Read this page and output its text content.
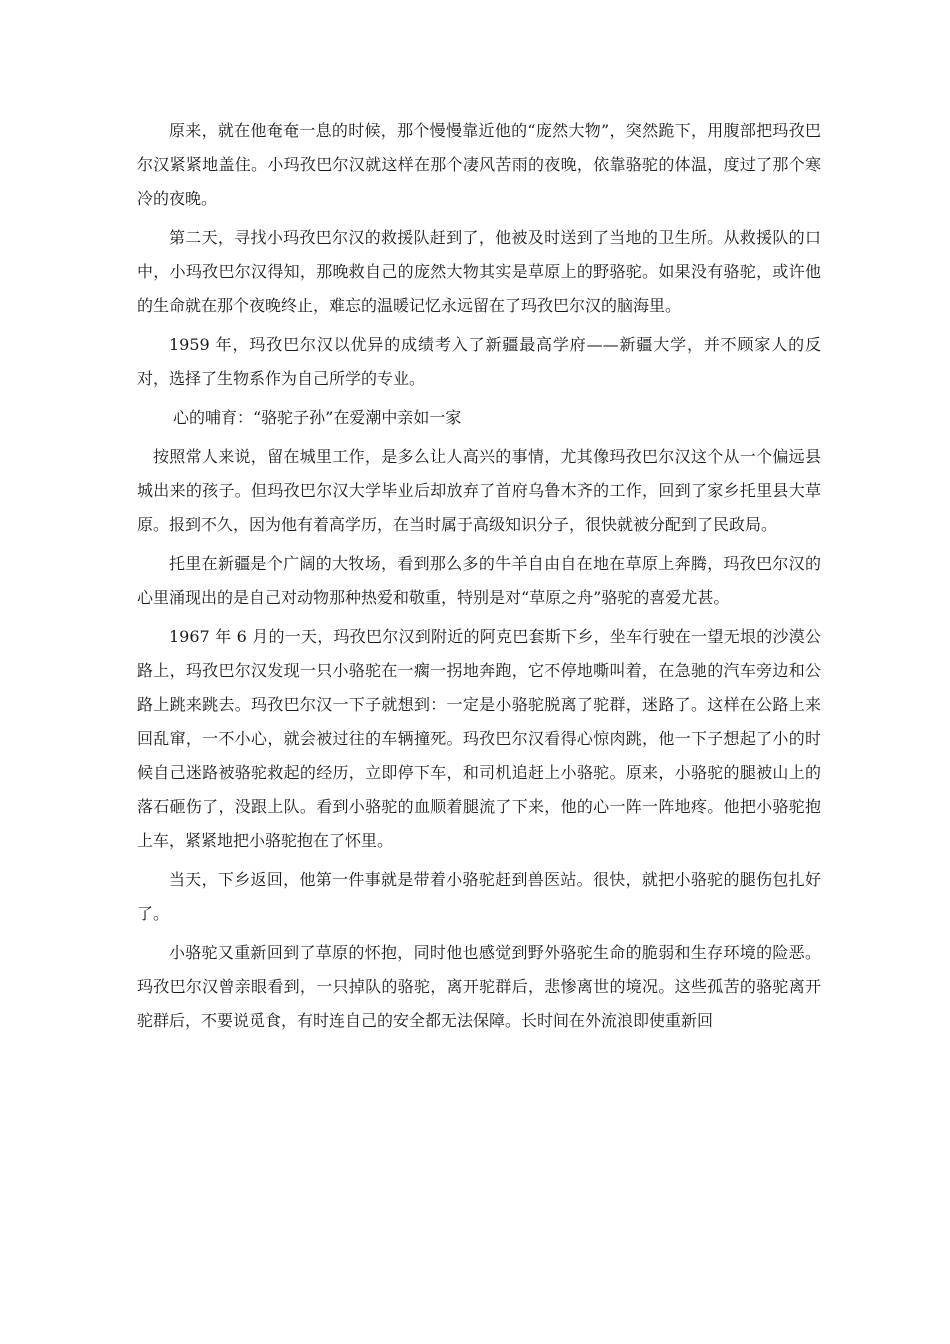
原来，就在他奄奄一息的时候，那个慢慢靠近他的“庞然大物”，突然跪下，用腹部把玛孜巴尔汉紧紧地盖住。小玛孜巴尔汉就这样在那个凄风苦雨的夜晚，依靠骆驼的体温，度过了那个寒冷的夜晚。

第二天，寻找小玛孜巴尔汉的救援队赶到了，他被及时送到了当地的卫生所。从救援队的口中，小玛孜巴尔汉得知，那晚救自己的庞然大物其实是草原上的野骆驼。如果没有骆驼，或许他的生命就在那个夜晚终止，难忘的温暖记忆永远留在了玛孜巴尔汉的脑海里。

1959 年，玛孜巴尔汉以优异的成绩考入了新疆最高学府——新疆大学，并不顾家人的反对，选择了生物系作为自己所学的专业。

心的哺育：“骆驼子孙”在爱潮中亲如一家

按照常人来说，留在城里工作，是多么让人高兴的事情，尤其像玛孜巴尔汉这个从一个偏远县城出来的孩子。但玛孜巴尔汉大学毕业后却放弃了首府乌鲁木齐的工作，回到了家乡托里县大草原。报到不久，因为他有着高学历，在当时属于高级知识分子，很快就被分配到了民政局。

托里在新疆是个广阔的大牧场，看到那么多的牛羊自由自在地在草原上奔腾，玛孜巴尔汉的心里涌现出的是自己对动物那种热爱和敬重，特别是对“草原之舟”骆驼的喜爱尤甚。

1967 年 6 月的一天，玛孜巴尔汉到附近的阿克巴套斯下乡，坐车行驶在一望无垠的沙漠公路上，玛孜巴尔汉发现一只小骆驼在一瘸一拐地奔跑，它不停地嘶叫着，在急驰的汽车旁边和公路上跳来跳去。玛孜巴尔汉一下子就想到：一定是小骆驼脱离了驼群，迷路了。这样在公路上来回乱窜，一不小心，就会被过往的车辆撞死。玛孜巴尔汉看得心惊肉跳，他一下子想起了小的时候自己迷路被骆驼救起的经历，立即停下车，和司机追赶上小骆驼。原来，小骆驼的腿被山上的落石砸伤了，没跟上队。看到小骆驼的血顺着腿流了下来，他的心一阵一阵地疼。他把小骆驼抱上车，紧紧地把小骆驼抱在了怀里。

当天，下乡返回，他第一件事就是带着小骆驼赶到兽医站。很快，就把小骆驼的腿伤包扎好了。

小骆驼又重新回到了草原的怀抱，同时他也感觉到野外骆驼生命的脆弱和生存环境的险恶。玛孜巴尔汉曾亲眼看到，一只掉队的骆驼，离开驼群后，悲惨离世的境况。这些孤苦的骆驼离开驼群后，不要说觅食，有时连自己的安全都无法保障。长时间在外流浪即使重新回
